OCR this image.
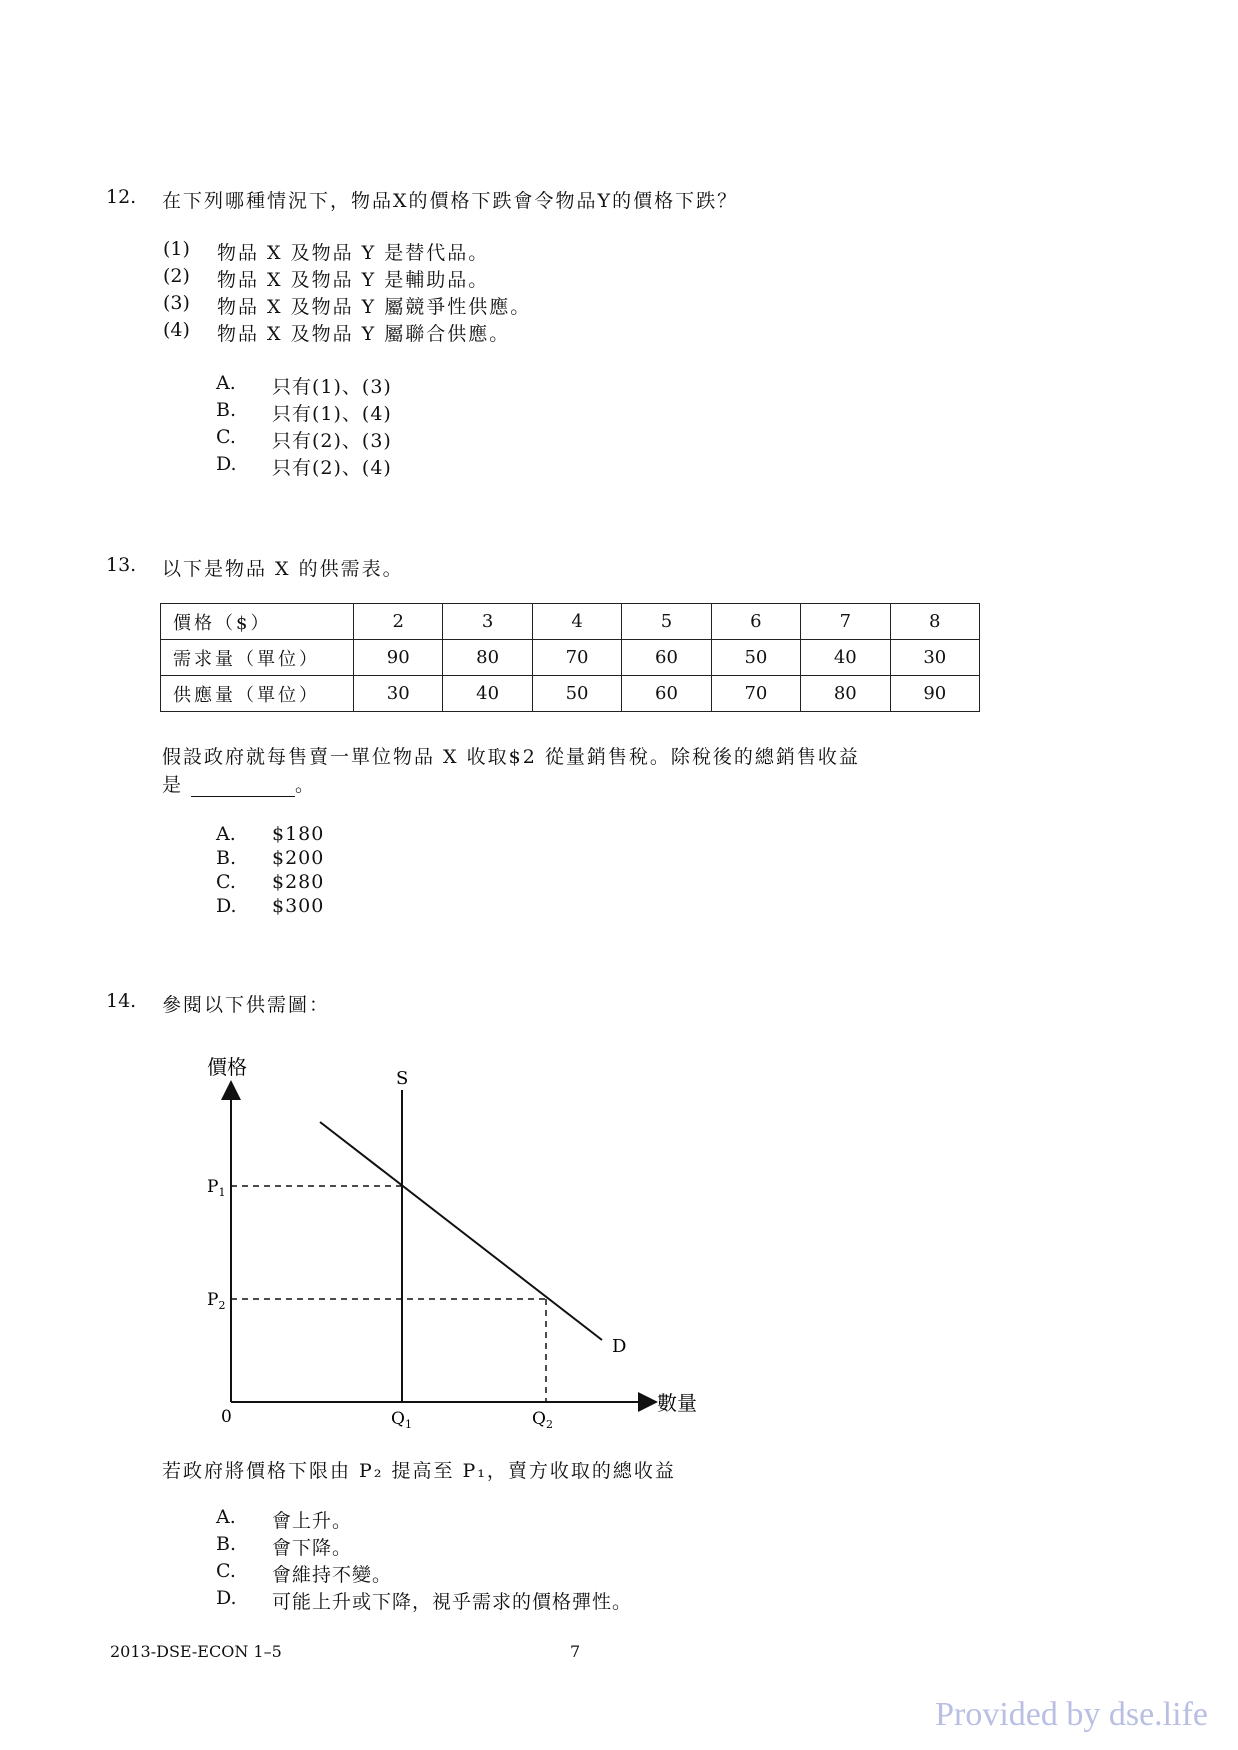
12. 在下列哪種情況下，物品X的價格下跌會令物品Y的價格下跌？
(1) 物品 X 及物品 Y 是替代品。
(2) 物品 X 及物品 Y 是輔助品。
(3) 物品 X 及物品 Y 屬競爭性供應。
(4) 物品 X 及物品 Y 屬聯合供應。
A. 只有(1)、(3)
B. 只有(1)、(4)
C. 只有(2)、(3)
D. 只有(2)、(4)
13. 以下是物品 X 的供需表。
價格（$）	2	3	4	5	6	7	8
需求量（單位）	90	80	70	60	50	40	30
供應量（單位）	30	40	50	60	70	80	90
假設政府就每售賣一單位物品 X 收取$2 從量銷售稅。除稅後的總銷售收益
是	。
A. $180
B. $200
C. $280
D. $300
14. 參閱以下供需圖：
價格
數量
0
S
D
$P_1$
$P_2$
$Q_1$	$Q_2$
若政府將價格下限由 P₂ 提高至 P₁，賣方收取的總收益
A. 會上升。
B. 會下降。
C. 會維持不變。
D. 可能上升或下降，視乎需求的價格彈性。
2013-DSE-ECON 1–5	7
Provided by dse.life
